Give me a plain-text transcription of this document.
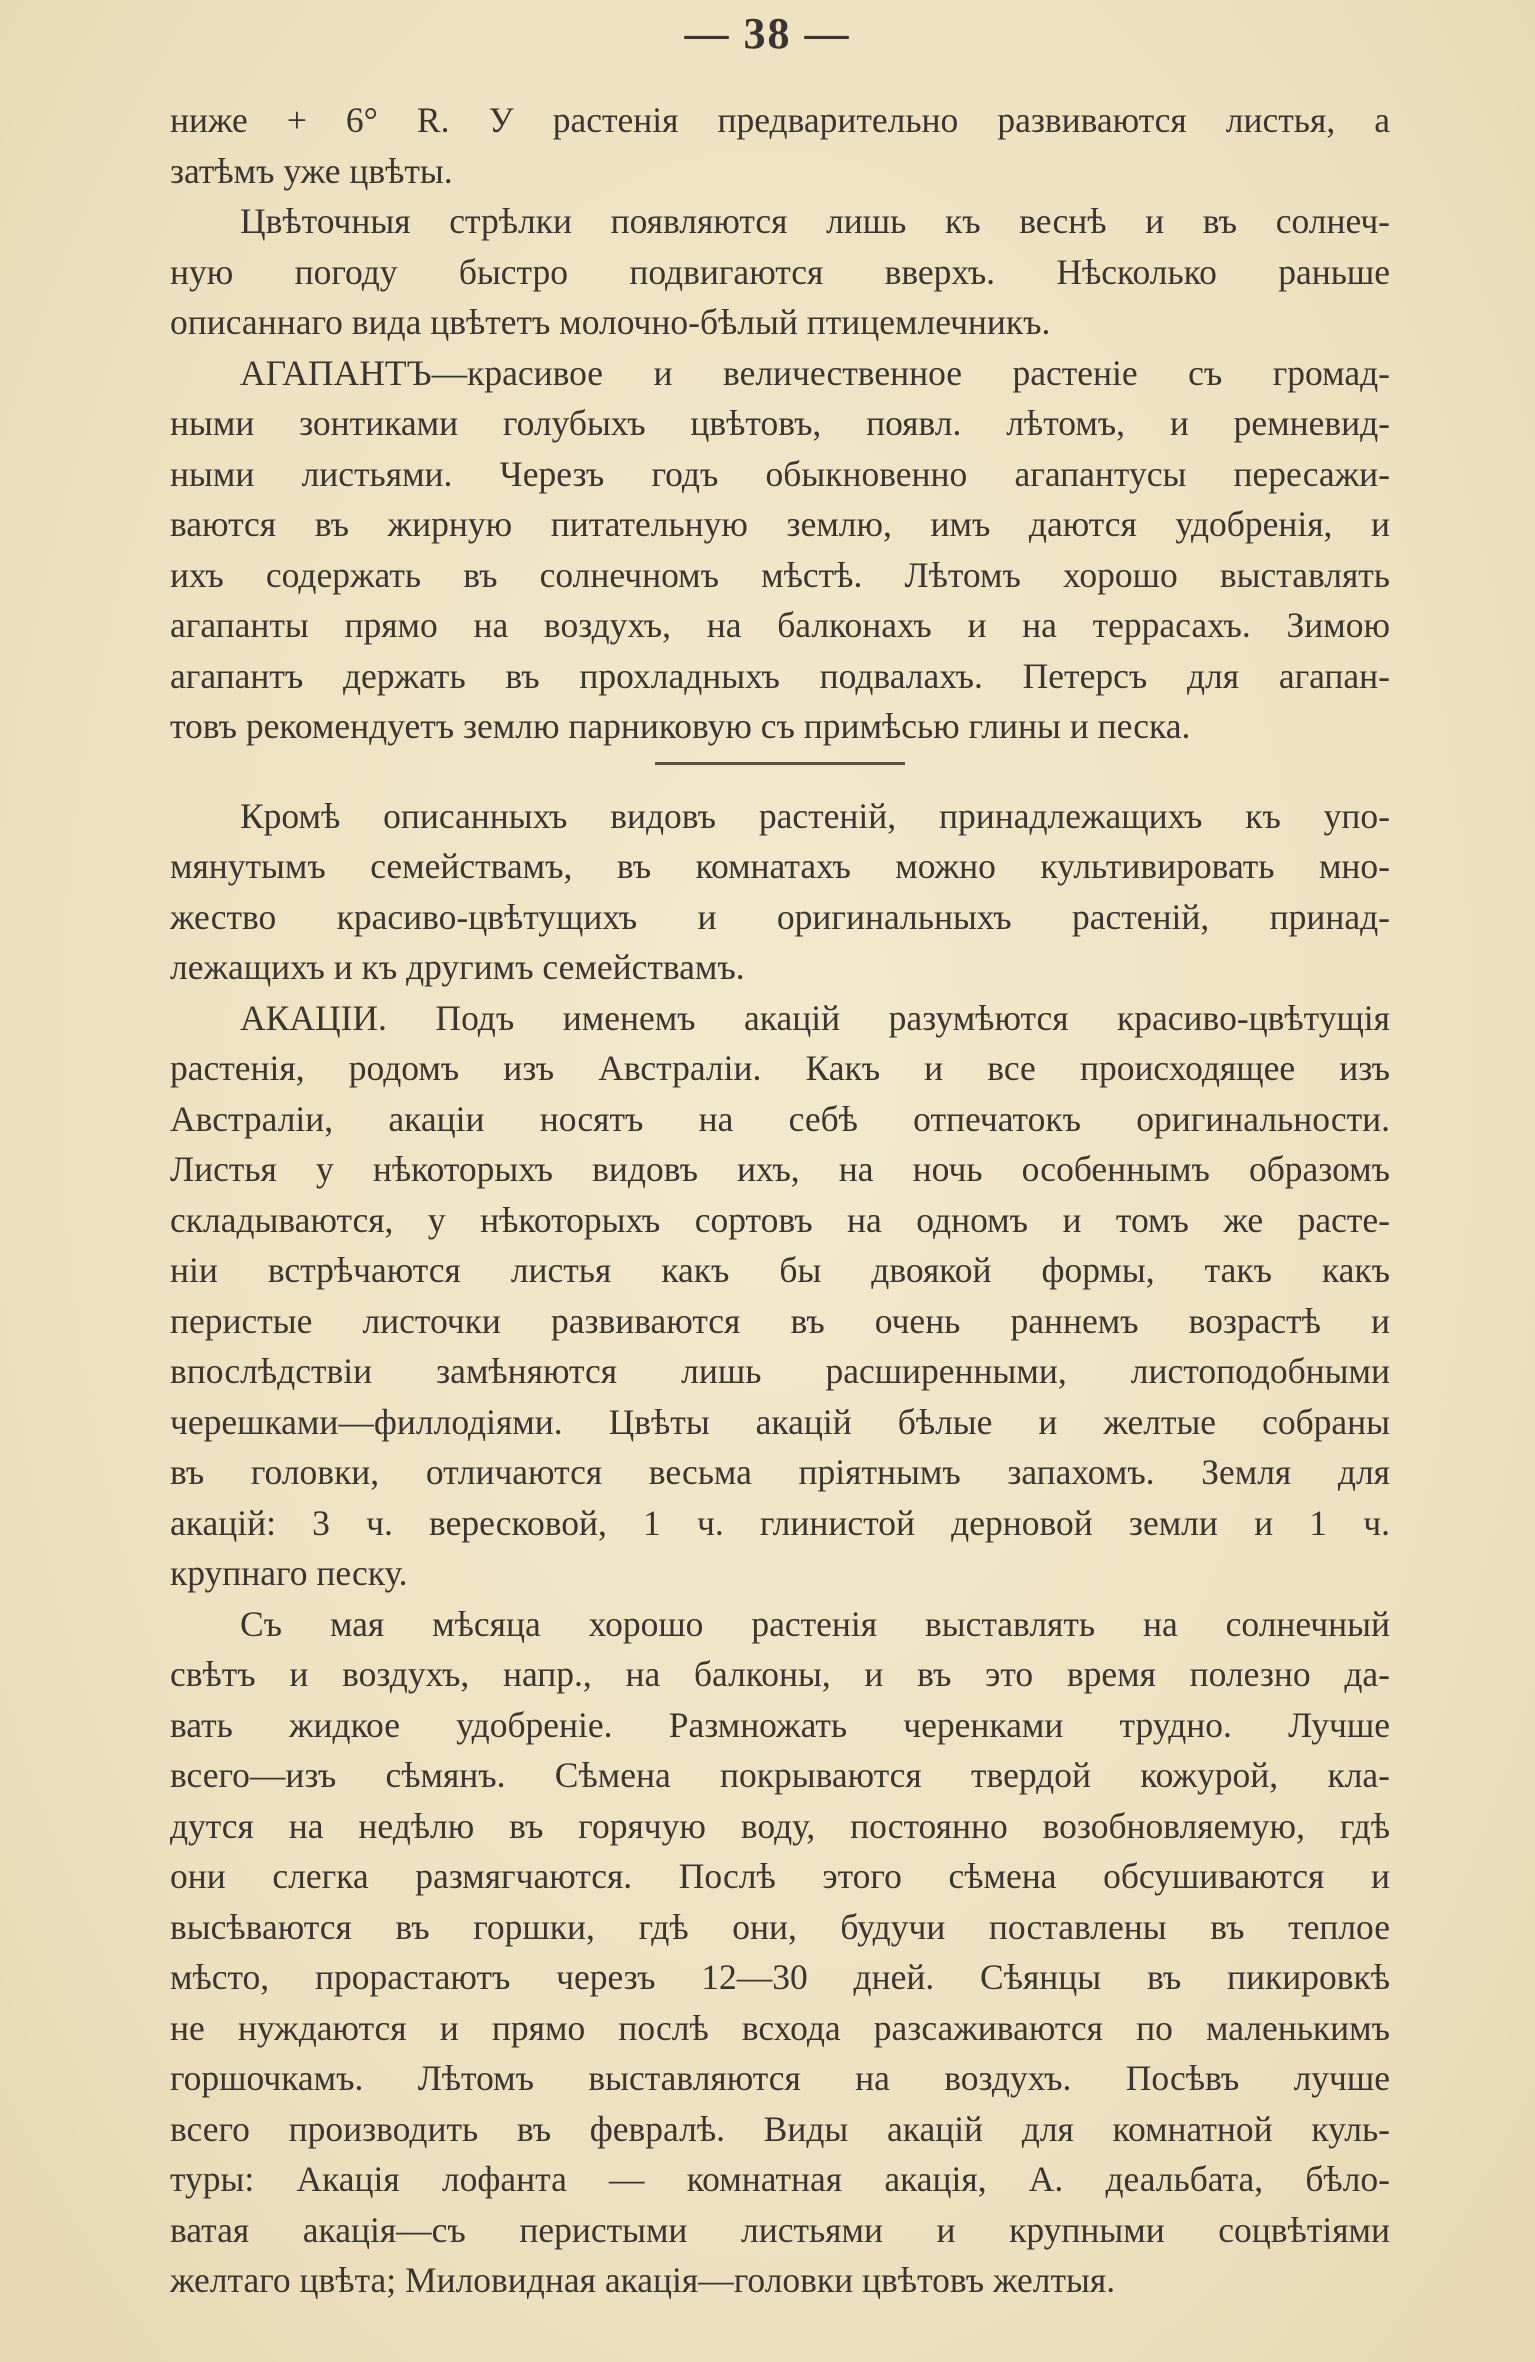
— 38 —

ниже + 6° R. У растенія предварительно развиваются листья, а
затѣмъ уже цвѣты.

Цвѣточныя стрѣлки появляются лишь къ веснѣ и въ солнеч-
ную погоду быстро подвигаются вверхъ. Нѣсколько раньше
описаннаго вида цвѣтетъ молочно-бѣлый птицемлечникъ.

АГАПАНТЪ—красивое и величественное растеніе съ громад-
ными зонтиками голубыхъ цвѣтовъ, появл. лѣтомъ, и ремневид-
ными листьями. Черезъ годъ обыкновенно агапантусы пересажи-
ваются въ жирную питательную землю, имъ даются удобренія, и
ихъ содержать въ солнечномъ мѣстѣ. Лѣтомъ хорошо выставлять
агапанты прямо на воздухъ, на балконахъ и на террасахъ. Зимою
агапантъ держать въ прохладныхъ подвалахъ. Петерсъ для агапан-
товъ рекомендуетъ землю парниковую съ примѣсью глины и песка.

Кромѣ описанныхъ видовъ растеній, принадлежащихъ къ упо-
мянутымъ семействамъ, въ комнатахъ можно культивировать мно-
жество красиво-цвѣтущихъ и оригинальныхъ растеній, принад-
лежащихъ и къ другимъ семействамъ.

АКАЦІИ. Подъ именемъ акацій разумѣются красиво-цвѣтущія
растенія, родомъ изъ Австраліи. Какъ и все происходящее изъ
Австраліи, акаціи носятъ на себѣ отпечатокъ оригинальности.
Листья у нѣкоторыхъ видовъ ихъ, на ночь особеннымъ образомъ
складываются, у нѣкоторыхъ сортовъ на одномъ и томъ же расте-
ніи встрѣчаются листья какъ бы двоякой формы, такъ какъ
перистые листочки развиваются въ очень раннемъ возрастѣ и
впослѣдствіи замѣняются лишь расширенными, листоподобными
черешками—филлодіями. Цвѣты акацій бѣлые и желтые собраны
въ головки, отличаются весьма пріятнымъ запахомъ. Земля для
акацій: 3 ч. вересковой, 1 ч. глинистой дерновой земли и 1 ч.
крупнаго песку.

Съ мая мѣсяца хорошо растенія выставлять на солнечный
свѣтъ и воздухъ, напр., на балконы, и въ это время полезно да-
вать жидкое удобреніе. Размножать черенками трудно. Лучше
всего—изъ сѣмянъ. Сѣмена покрываются твердой кожурой, кла-
дутся на недѣлю въ горячую воду, постоянно возобновляемую, гдѣ
они слегка размягчаются. Послѣ этого сѣмена обсушиваются и
высѣваются въ горшки, гдѣ они, будучи поставлены въ теплое
мѣсто, прорастаютъ черезъ 12—30 дней. Сѣянцы въ пикировкѣ
не нуждаются и прямо послѣ всхода разсаживаются по маленькимъ
горшочкамъ. Лѣтомъ выставляются на воздухъ. Посѣвъ лучше
всего производить въ февралѣ. Виды акацій для комнатной куль-
туры: Акація лофанта — комнатная акація, А. деальбата, бѣло-
ватая акація—съ перистыми листьями и крупными соцвѣтіями
желтаго цвѣта; Миловидная акація—головки цвѣтовъ желтыя.
